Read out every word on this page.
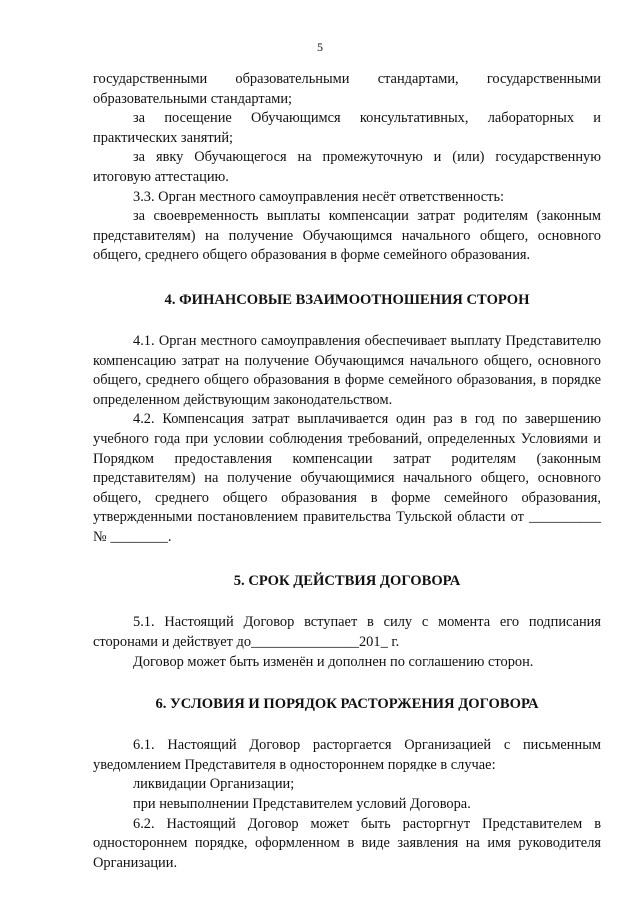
5

государственными образовательными стандартами, государственными образовательными стандартами;

за посещение Обучающимся консультативных, лабораторных и практических занятий;

за явку Обучающегося на промежуточную и (или) государственную итоговую аттестацию.

3.3. Орган местного самоуправления несёт ответственность:

за своевременность выплаты компенсации затрат родителям (законным представителям) на получение Обучающимся начального общего, основного общего, среднего общего образования в форме семейного образования.

4. ФИНАНСОВЫЕ ВЗАИМООТНОШЕНИЯ СТОРОН

4.1. Орган местного самоуправления обеспечивает выплату Представителю компенсацию затрат на получение Обучающимся начального общего, основного общего, среднего общего образования в форме семейного образования, в порядке определенном действующим законодательством.

4.2. Компенсация затрат выплачивается один раз в год по завершению учебного года при условии соблюдения требований, определенных Условиями и Порядком предоставления компенсации затрат родителям (законным представителям) на получение обучающимися начального общего, основного общего, среднего общего образования в форме семейного образования, утвержденными постановлением правительства Тульской области от __________ № ________.

5. СРОК ДЕЙСТВИЯ ДОГОВОРА

5.1. Настоящий Договор вступает в силу с момента его подписания сторонами и действует до_______________201_ г.

Договор может быть изменён и дополнен по соглашению сторон.

6. УСЛОВИЯ И ПОРЯДОК РАСТОРЖЕНИЯ ДОГОВОРА

6.1. Настоящий Договор расторгается Организацией с письменным уведомлением Представителя в одностороннем порядке в случае:

ликвидации Организации;

при невыполнении Представителем условий Договора.

6.2. Настоящий Договор может быть расторгнут Представителем в одностороннем порядке, оформленном в виде заявления на имя руководителя Организации.
